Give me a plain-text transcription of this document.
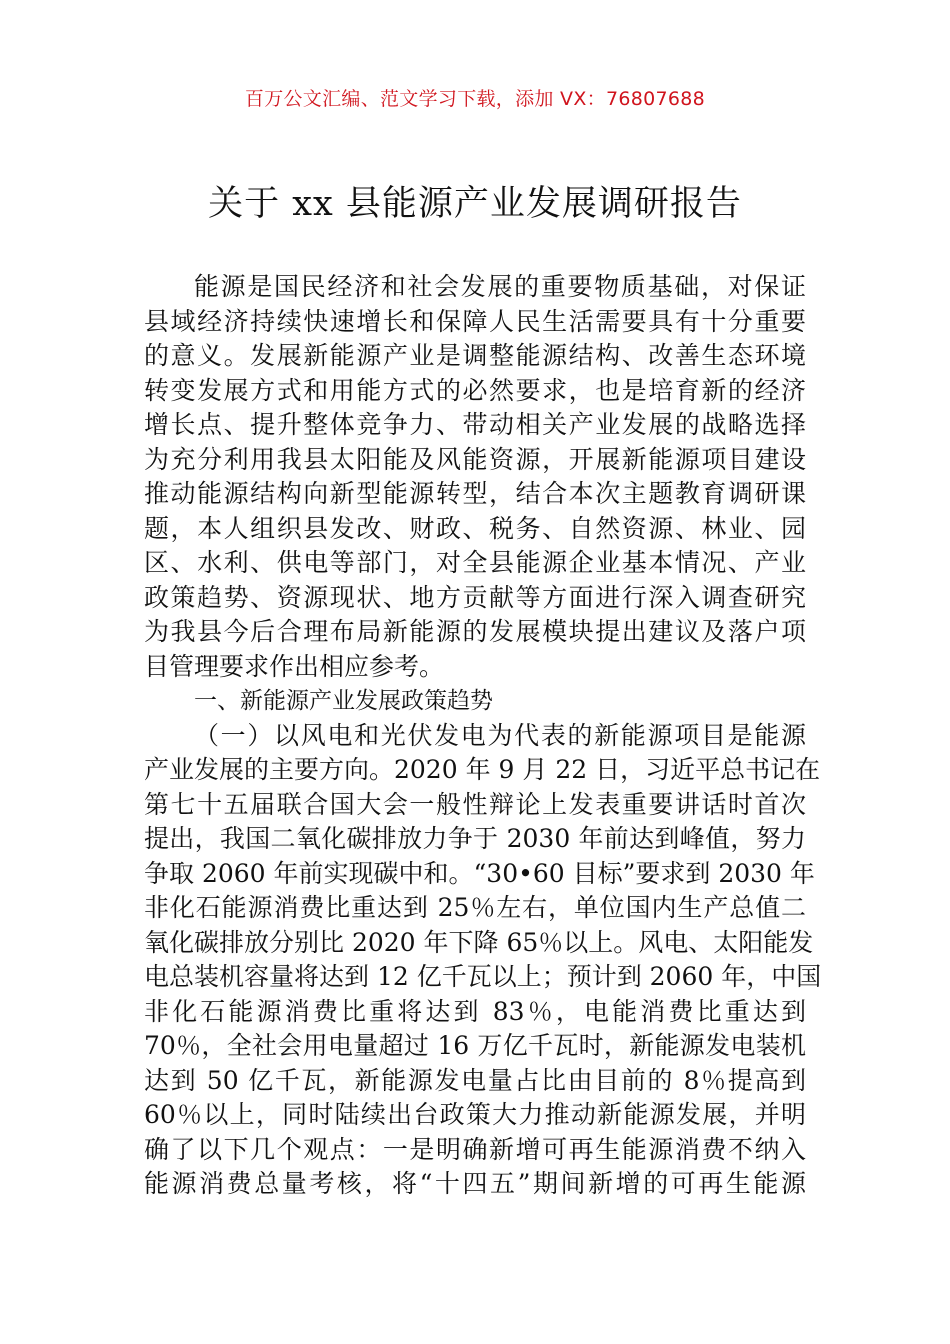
百万公文汇编、范文学习下载，添加 VX：76807688
关于 xx 县能源产业发展调研报告
能源是国民经济和社会发展的重要物质基础，对保证
县域经济持续快速增长和保障人民生活需要具有十分重要
的意义。发展新能源产业是调整能源结构、改善生态环境
转变发展方式和用能方式的必然要求，也是培育新的经济
增长点、提升整体竞争力、带动相关产业发展的战略选择
为充分利用我县太阳能及风能资源，开展新能源项目建设
推动能源结构向新型能源转型，结合本次主题教育调研课
题，本人组织县发改、财政、税务、自然资源、林业、园
区、水利、供电等部门，对全县能源企业基本情况、产业
政策趋势、资源现状、地方贡献等方面进行深入调查研究
为我县今后合理布局新能源的发展模块提出建议及落户项
目管理要求作出相应参考。
一、新能源产业发展政策趋势
（一）以风电和光伏发电为代表的新能源项目是能源
产业发展的主要方向。2020 年 9 月 22 日，习近平总书记在
第七十五届联合国大会一般性辩论上发表重要讲话时首次
提出，我国二氧化碳排放力争于 2030 年前达到峰值，努力
争取 2060 年前实现碳中和。“30•60 目标”要求到 2030 年
非化石能源消费比重达到 25％左右，单位国内生产总值二
氧化碳排放分别比 2020 年下降 65％以上。风电、太阳能发
电总装机容量将达到 12 亿千瓦以上；预计到 2060 年，中国
非化石能源消费比重将达到 83％，电能消费比重达到
70％，全社会用电量超过 16 万亿千瓦时，新能源发电装机
达到 50 亿千瓦，新能源发电量占比由目前的 8％提高到
60％以上，同时陆续出台政策大力推动新能源发展，并明
确了以下几个观点：一是明确新增可再生能源消费不纳入
能源消费总量考核，将“十四五”期间新增的可再生能源
